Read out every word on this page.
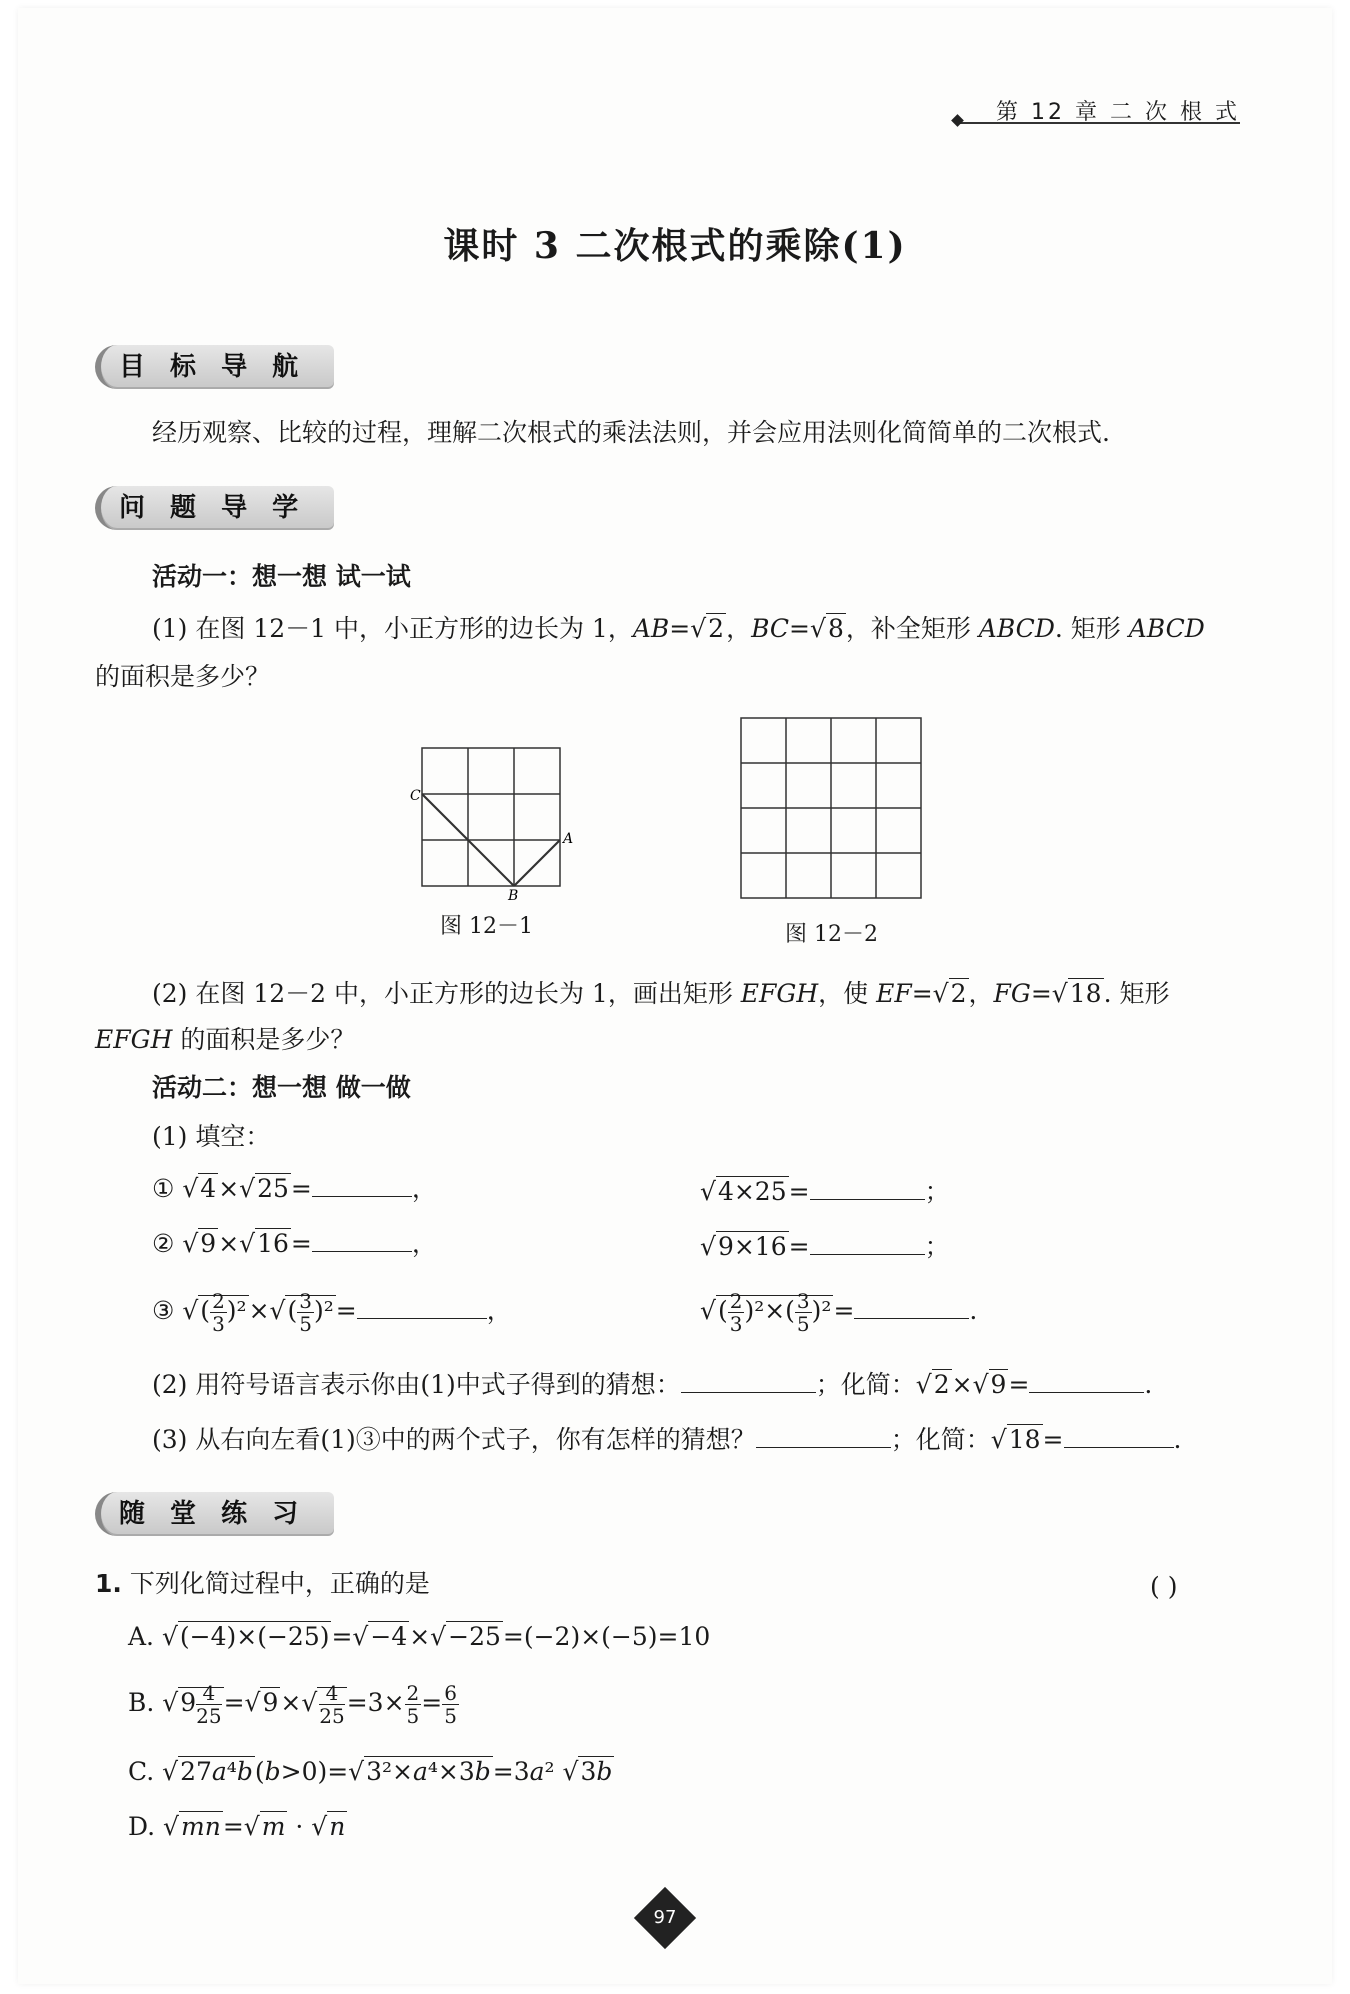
第 12 章 二 次 根 式
课时 3 二次根式的乘除(1)
目 标 导 航
经历观察、比较的过程，理解二次根式的乘法法则，并会应用法则化简简单的二次根式.
问 题 导 学
活动一：想一想 试一试
(1) 在图 12－1 中，小正方形的边长为 1，AB=√2，BC=√8，补全矩形 ABCD. 矩形 ABCD
的面积是多少？
C
A
B
图 12－1	图 12－2
(2) 在图 12－2 中，小正方形的边长为 1，画出矩形 EFGH，使 EF=√2，FG=√18. 矩形
EFGH 的面积是多少？
活动二：想一想 做一做
(1) 填空：
① √4×√25=	，	√4×25=	；
② √9×√16=	，	√9×16=	；
③ √( $\frac{2}{3} )^2\times√( \frac{3}{5} )^2=$	，	√( $\frac{2}{3} )^2\times( \frac{3}{5} )^2=$	.
(2) 用符号语言表示你由(1)中式子得到的猜想：	；化简：√2×√9=	.
(3) 从右向左看(1)③中的两个式子，你有怎样的猜想？	；化简：√18=	.
随 堂 练 习
1. 下列化简过程中，正确的是	( )
A. √(−4)×(−25)=√−4×√−25=(−2)×(−5)=10
B. $√9 \frac{4}{25} =√9\times√ \frac{4}{25} =3\times \frac{2}{5} = \frac{6}{5}$
C. √27a⁴b(b>0)=√3²×a⁴×3b=3a² √3b
D. √mn=√m · √n
97
